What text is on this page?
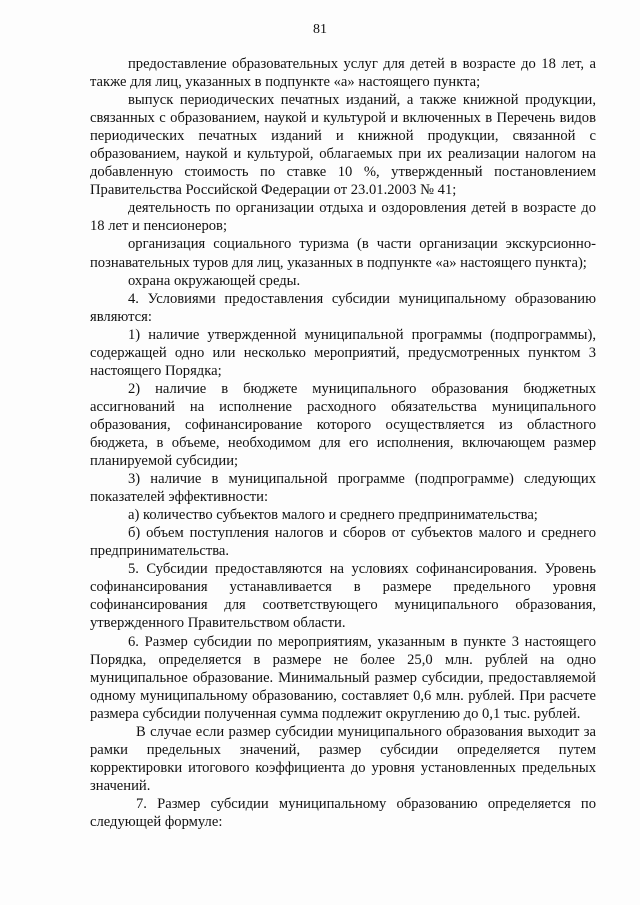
81

предоставление образовательных услуг для детей в возрасте до 18 лет, а также для лиц, указанных в подпункте «а» настоящего пункта;

выпуск периодических печатных изданий, а также книжной продукции, связанных с образованием, наукой и культурой и включенных в Перечень видов периодических печатных изданий и книжной продукции, связанной с образованием, наукой и культурой, облагаемых при их реализации налогом на добавленную стоимость по ставке 10 %, утвержденный постановлением Правительства Российской Федерации от 23.01.2003 № 41;

деятельность по организации отдыха и оздоровления детей в возрасте до 18 лет и пенсионеров;

организация социального туризма (в части организации экскурсионно-познавательных туров для лиц, указанных в подпункте «а» настоящего пункта);

охрана окружающей среды.

4. Условиями предоставления субсидии муниципальному образованию являются:

1) наличие утвержденной муниципальной программы (подпрограммы), содержащей одно или несколько мероприятий, предусмотренных пунктом 3 настоящего Порядка;

2) наличие в бюджете муниципального образования бюджетных ассигнований на исполнение расходного обязательства муниципального образования, софинансирование которого осуществляется из областного бюджета, в объеме, необходимом для его исполнения, включающем размер планируемой субсидии;

3) наличие в муниципальной программе (подпрограмме) следующих показателей эффективности:

а) количество субъектов малого и среднего предпринимательства;

б) объем поступления налогов и сборов от субъектов малого и среднего предпринимательства.

5. Субсидии предоставляются на условиях софинансирования. Уровень софинансирования устанавливается в размере предельного уровня софинансирования для соответствующего муниципального образования, утвержденного Правительством области.

6. Размер субсидии по мероприятиям, указанным в пункте 3 настоящего Порядка, определяется в размере не более 25,0 млн. рублей на одно муниципальное образование. Минимальный размер субсидии, предоставляемой одному муниципальному образованию, составляет 0,6 млн. рублей. При расчете размера субсидии полученная сумма подлежит округлению до 0,1 тыс. рублей.

В случае если размер субсидии муниципального образования выходит за рамки предельных значений, размер субсидии определяется путем корректировки итогового коэффициента до уровня установленных предельных значений.

7. Размер субсидии муниципальному образованию определяется по следующей формуле:
